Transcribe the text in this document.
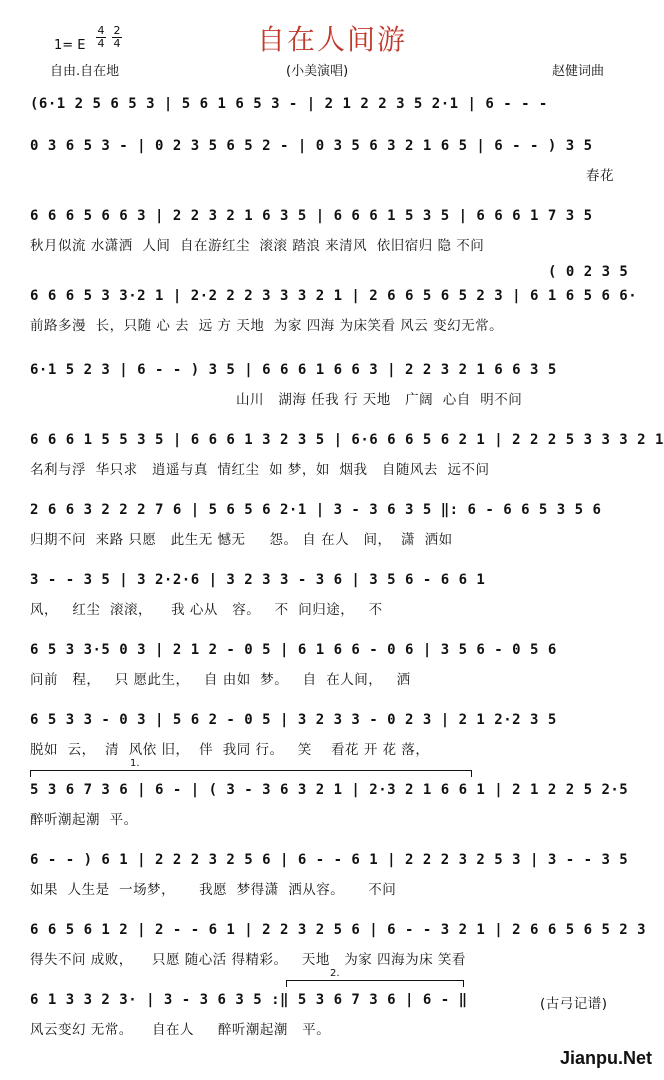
自在人间游
1= E
4
4
2
4
自由.自在地	(小美演唱)	赵健词曲
(6·1 2 5 6 5 3 | 5 6 1 6 5 3 - | 2 1 2 2 3 5 2·1 | 6 - - -
0 3 6 5 3 - | 0 2 3 5 6 5 2 - | 0 3 5 6 3 2 1 6 5 | 6 - - ) 3 5
春花
6 6 6 5 6 6 3 | 2 2 3 2 1 6 3 5 | 6 6 6 1 5 3 5 | 6 6 6 1 7 3 5
秋月似流 水潇洒  人间  自在游红尘  滚滚 踏浪 来清风  依旧宿归 隐 不问
6 6 6 5 3 3·2 1 | 2·2 2 2 3 3 3 2 1 | 2 6 6 5 6 5 2 3 | 6 1 6 5 6 6·
前路多漫  长，只随 心 去  远 方 天地  为家 四海 为床笑看 风云 变幻无常。
( 0 2 3 5
6·1 5 2 3 | 6 - - ) 3 5 | 6 6 6 1 6 6 3 | 2 2 3 2 1 6 6 3 5
山川   湖海 任我 行 天地   广阔  心自  明不问
6 6 6 1 5 5 3 5 | 6 6 6 1 3 2 3 5 | 6·6 6 6 5 6 2 1 | 2 2 2 5 3 3 3 2 1
名利与浮  华只求   逍遥与真  情红尘  如 梦，如  烟我   自随风去  远不问
2 6 6 3 2 2 2 7 6 | 5 6 5 6 2·1 | 3 - 3 6 3 5 ‖: 6 - 6 6 5 3 5 6
归期不问  来路 只愿   此生无 憾无     怨。 自 在人   间，  潇  洒如
3 - - 3 5 | 3 2·2·6 | 3 2 3 3 - 3 6 | 3 5 6 - 6 6 1
风，   红尘  滚滚，    我 心从   容。   不  问归途，   不
6 5 3 3·5 0 3 | 2 1 2 - 0 5 | 6 1 6 6 - 0 6 | 3 5 6 - 0 5 6
问前   程，   只 愿此生，   自 由如  梦。   自  在人间，   洒
6 5 3 3 - 0 3 | 5 6 2 - 0 5 | 3 2 3 3 - 0 2 3 | 2 1 2·2 3 5
脱如  云，  清  风依 旧，  伴  我同 行。   笑    看花 开 花 落，
5 3 6 7 3 6 | 6 - | ( 3 - 3 6 3 2 1 | 2·3 2 1 6 6 1 | 2 1 2 2 5 2·5
醉听潮起潮  平。
1.
6 - - ) 6 1 | 2 2 2 3 2 5 6 | 6 - - 6 1 | 2 2 2 3 2 5 3 | 3 - - 3 5
如果  人生是  一场梦，     我愿  梦得潇  洒从容。     不问
6 6 5 6 1 2 | 2 - - 6 1 | 2 2 3 2 5 6 | 6 - - 3 2 1 | 2 6 6 5 6 5 2 3
得失不问 成败，    只愿 随心活 得精彩。   天地   为家 四海为床 笑看
6 1 3 3 2 3· | 3 - 3 6 3 5 :‖ 5 3 6 7 3 6 | 6 - ‖
风云变幻 无常。    自在人     醉听潮起潮   平。
2.
(古弓记谱)
Jianpu.Net
